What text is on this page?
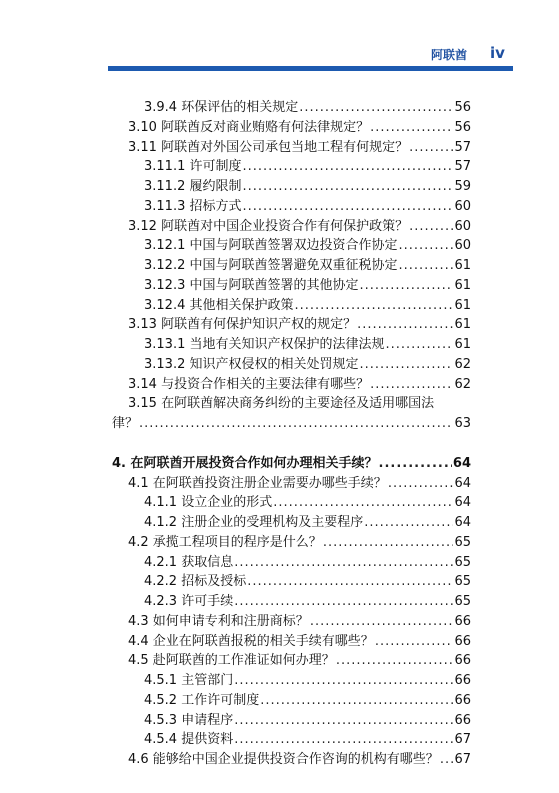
阿联酋 iv
3.9.4 环保评估的相关规定 .....	56
3.10 阿联酋反对商业贿赂有何法律规定？ .....	56
3.11 阿联酋对外国公司承包当地工程有何规定？ .....	57
3.11.1 许可制度 .....	57
3.11.2 履约限制 .....	59
3.11.3 招标方式 .....	60
3.12 阿联酋对中国企业投资合作有何保护政策？ .....	60
3.12.1 中国与阿联酋签署双边投资合作协定 .....	60
3.12.2 中国与阿联酋签署避免双重征税协定 .....	61
3.12.3 中国与阿联酋签署的其他协定 .....	61
3.12.4 其他相关保护政策 .....	61
3.13 阿联酋有何保护知识产权的规定？ .....	61
3.13.1 当地有关知识产权保护的法律法规 .....	61
3.13.2 知识产权侵权的相关处罚规定 .....	62
3.14 与投资合作相关的主要法律有哪些？ .....	62
3.15 在阿联酋解决商务纠纷的主要途径及适用哪国法
律？ .....	63
4. 在阿联酋开展投资合作如何办理相关手续？ .....	64
4.1 在阿联酋投资注册企业需要办哪些手续？ .....	64
4.1.1 设立企业的形式 .....	64
4.1.2 注册企业的受理机构及主要程序 .....	64
4.2 承揽工程项目的程序是什么？ .....	65
4.2.1 获取信息 .....	65
4.2.2 招标及授标 .....	65
4.2.3 许可手续 .....	65
4.3 如何申请专利和注册商标？ .....	66
4.4 企业在阿联酋报税的相关手续有哪些？ .....	66
4.5 赴阿联酋的工作准证如何办理？ .....	66
4.5.1 主管部门 .....	66
4.5.2 工作许可制度 .....	66
4.5.3 申请程序 .....	66
4.5.4 提供资料 .....	67
4.6 能够给中国企业提供投资合作咨询的机构有哪些？ ..... 67
